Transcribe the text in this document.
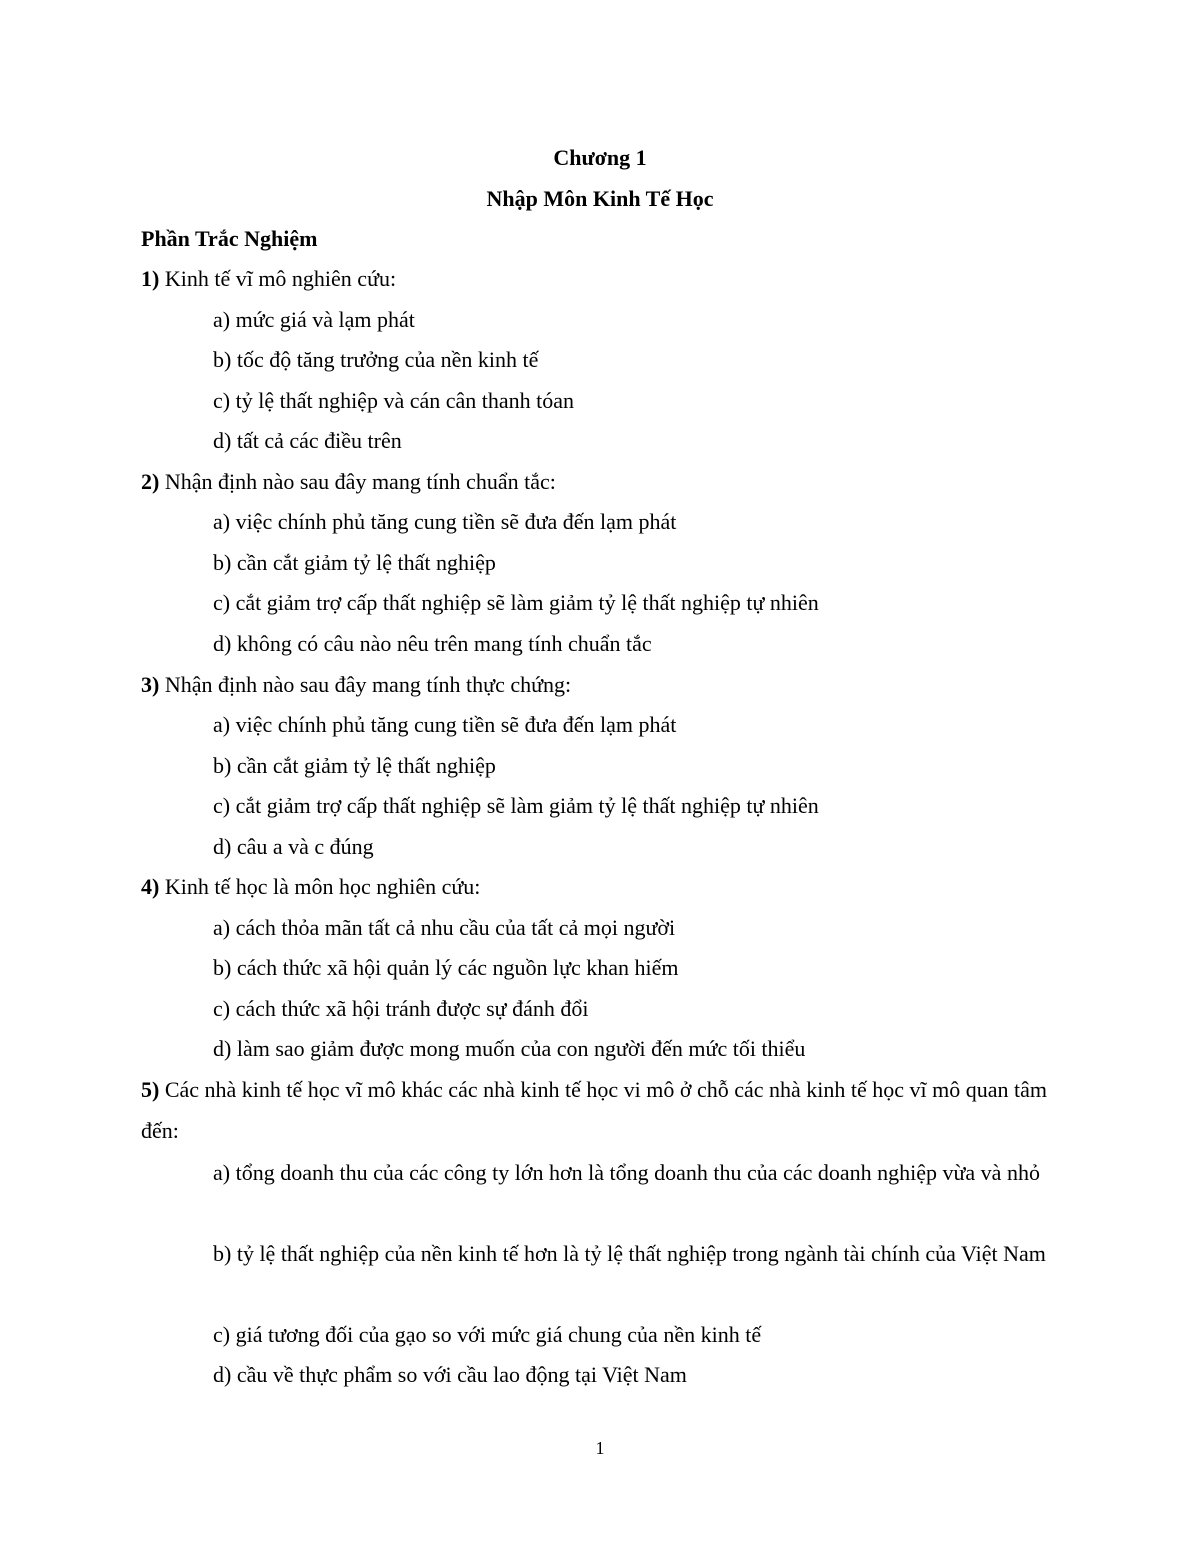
Chương 1
Nhập Môn Kinh Tế Học
Phần Trắc Nghiệm
1) Kinh tế vĩ mô nghiên cứu:
a) mức giá và lạm phát
b) tốc độ tăng trưởng của nền kinh tế
c) tỷ lệ thất nghiệp và cán cân thanh tóan
d) tất cả các điều trên
2) Nhận định nào sau đây mang tính chuẩn tắc:
a) việc chính phủ tăng cung tiền sẽ đưa đến lạm phát
b) cần cắt giảm tỷ lệ thất nghiệp
c) cắt giảm trợ cấp thất nghiệp sẽ làm giảm tỷ lệ thất nghiệp tự nhiên
d) không có câu nào nêu trên mang tính chuẩn tắc
3) Nhận định nào sau đây mang tính thực chứng:
a) việc chính phủ tăng cung tiền sẽ đưa đến lạm phát
b) cần cắt giảm tỷ lệ thất nghiệp
c) cắt giảm trợ cấp thất nghiệp sẽ làm giảm tỷ lệ thất nghiệp tự nhiên
d) câu a và c đúng
4) Kinh tế học là môn học nghiên cứu:
a) cách thỏa mãn tất cả nhu cầu của tất cả mọi người
b) cách thức xã hội quản lý các nguồn lực khan hiếm
c) cách thức xã hội tránh được sự đánh đổi
d) làm sao giảm được mong muốn của con người đến mức tối thiểu
5) Các nhà kinh tế học vĩ mô khác các nhà kinh tế học vi mô ở chỗ các nhà kinh tế học vĩ mô quan tâm đến:
a) tổng doanh thu của các công ty lớn hơn là tổng doanh thu của các doanh nghiệp vừa và nhỏ
b) tỷ lệ thất nghiệp của nền kinh tế hơn là tỷ lệ thất nghiệp trong ngành tài chính của Việt Nam
c) giá tương đối của gạo so với mức giá chung của nền kinh tế
d) cầu về thực phẩm so với cầu lao động tại Việt Nam
1
